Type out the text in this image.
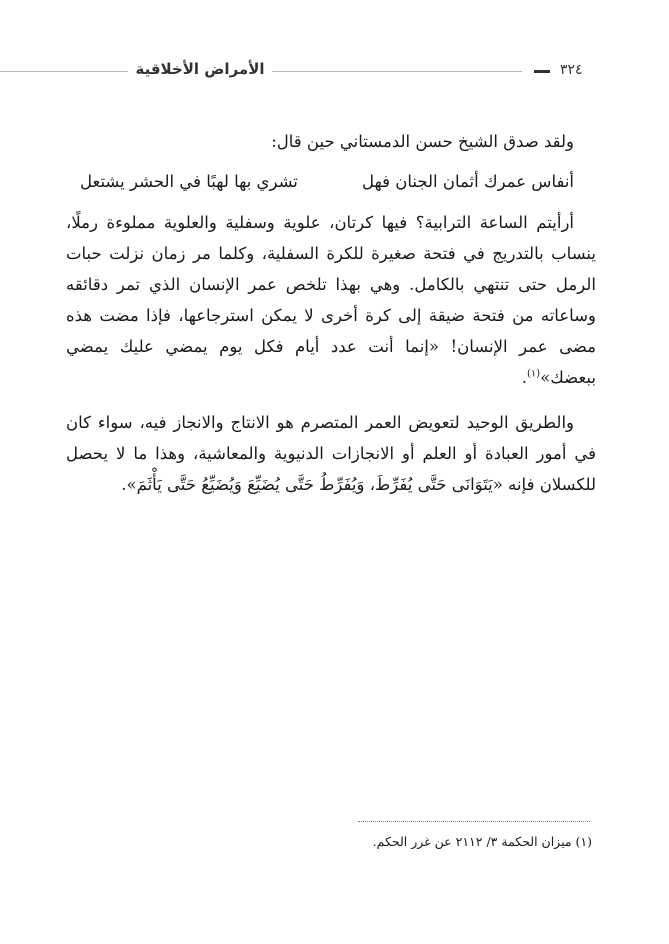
الأمراض الأخلاقية	٣٢٤

ولقد صدق الشيخ حسن الدمستاني حين قال:

أنفاس عمرك أثمان الجنان فهل
تشري بها لهبًا في الحشر يشتعل

أرأيتم الساعة الترابية؟ فيها كرتان، علوية وسفلية والعلوية مملوءة رملًا، ينساب بالتدريج في فتحة صغيرة للكرة السفلية، وكلما مر زمان نزلت حبات الرمل حتى تنتهي بالكامل. وهي بهذا تلخص عمر الإنسان الذي تمر دقائقه وساعاته من فتحة ضيقة إلى كرة أخرى لا يمكن استرجاعها، فإذا مضت هذه مضى عمر الإنسان! «إنما أنت عدد أيام فكل يوم يمضي عليك يمضي ببعضك»$^{(١)}$.

والطريق الوحيد لتعويض العمر المتصرم هو الانتاج والانجاز فيه، سواء كان في أمور العبادة أو العلم أو الانجازات الدنيوية والمعاشية، وهذا ما لا يحصل للكسلان فإنه «يَتَوَانَى حَتَّى يُفَرِّطَ، وَيُفَرِّطُ حَتَّى يُضَيِّعَ وَيُضَيِّعُ حَتَّى يَأْثَمَ».

(١) ميزان الحكمة ٣/ ٢١١٢ عن غرر الحكم.
